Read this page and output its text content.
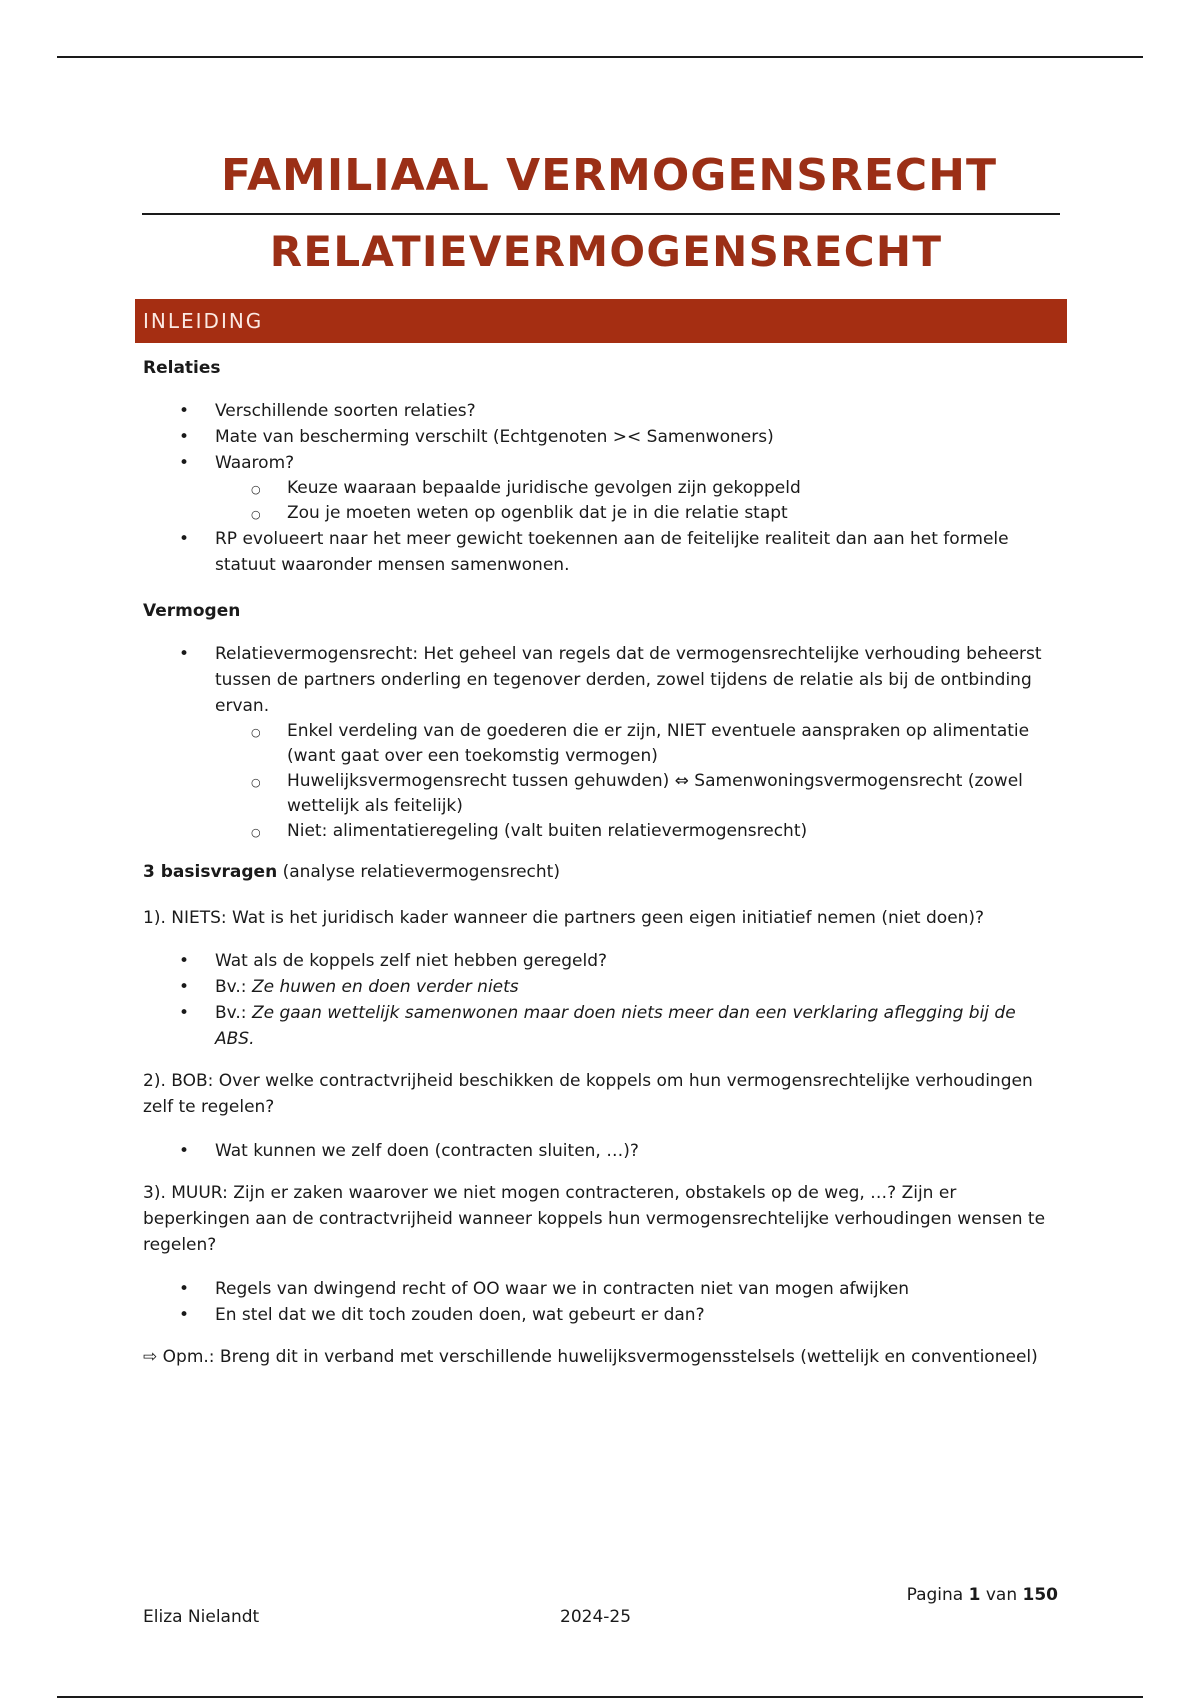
FAMILIAAL VERMOGENSRECHT
RELATIEVERMOGENSRECHT
INLEIDING

Relaties

• Verschillende soorten relaties?
• Mate van bescherming verschilt (Echtgenoten >< Samenwoners)
• Waarom?
○ Keuze waaraan bepaalde juridische gevolgen zijn gekoppeld
○ Zou je moeten weten op ogenblik dat je in die relatie stapt
• RP evolueert naar het meer gewicht toekennen aan de feitelijke realiteit dan aan het formele statuut waaronder mensen samenwonen.

Vermogen

• Relatievermogensrecht: Het geheel van regels dat de vermogensrechtelijke verhouding beheerst tussen de partners onderling en tegenover derden, zowel tijdens de relatie als bij de ontbinding ervan.
○ Enkel verdeling van de goederen die er zijn, NIET eventuele aanspraken op alimentatie (want gaat over een toekomstig vermogen)
○ Huwelijksvermogensrecht tussen gehuwden) ⇔ Samenwoningsvermogensrecht (zowel wettelijk als feitelijk)
○ Niet: alimentatieregeling (valt buiten relatievermogensrecht)

3 basisvragen (analyse relatievermogensrecht)

1). NIETS: Wat is het juridisch kader wanneer die partners geen eigen initiatief nemen (niet doen)?

• Wat als de koppels zelf niet hebben geregeld?
• Bv.: Ze huwen en doen verder niets
• Bv.: Ze gaan wettelijk samenwonen maar doen niets meer dan een verklaring aflegging bij de ABS.

2). BOB: Over welke contractvrijheid beschikken de koppels om hun vermogensrechtelijke verhoudingen zelf te regelen?

• Wat kunnen we zelf doen (contracten sluiten, …)?

3). MUUR: Zijn er zaken waarover we niet mogen contracteren, obstakels op de weg, …? Zijn er beperkingen aan de contractvrijheid wanneer koppels hun vermogensrechtelijke verhoudingen wensen te regelen?

• Regels van dwingend recht of OO waar we in contracten niet van mogen afwijken
• En stel dat we dit toch zouden doen, wat gebeurt er dan?

⇨ Opm.: Breng dit in verband met verschillende huwelijksvermogensstelsels (wettelijk en conventioneel)

Pagina 1 van 150
Eliza Nielandt	2024-25
